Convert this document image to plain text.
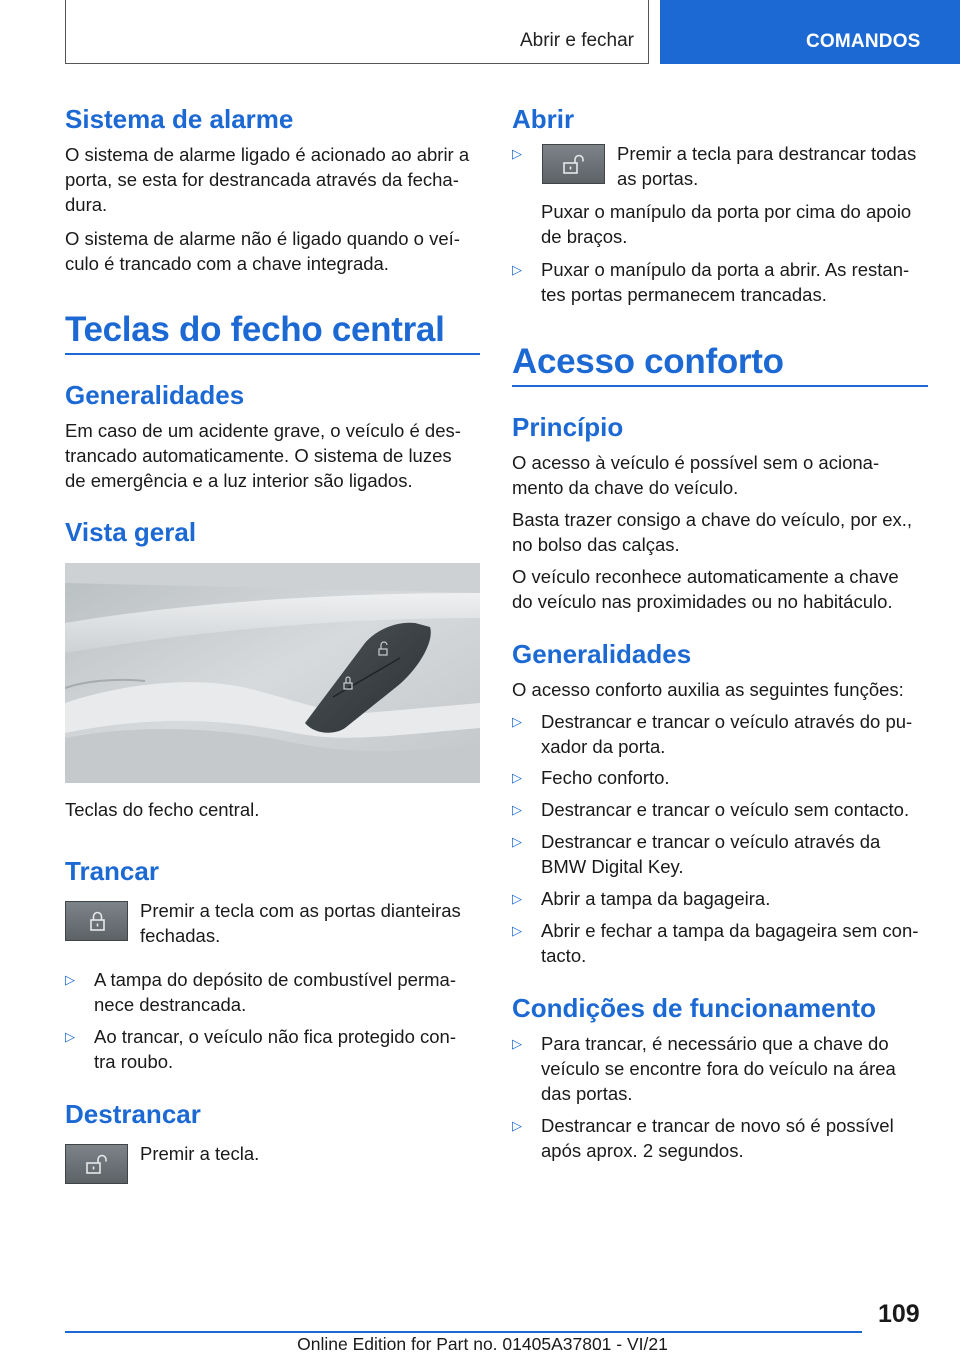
Abrir e fechar	COMANDOS
Sistema de alarme
O sistema de alarme ligado é acionado ao abrir a
porta, se esta for destrancada através da fecha‐
dura.
O sistema de alarme não é ligado quando o veí‐
culo é trancado com a chave integrada.
Teclas do fecho central
Generalidades
Em caso de um acidente grave, o veículo é des‐
trancado automaticamente. O sistema de luzes
de emergência e a luz interior são ligados.
Vista geral
Teclas do fecho central.
Trancar
Premir a tecla com as portas dianteiras
fechadas.
▷ A tampa do depósito de combustível perma‐
nece destrancada.
▷ Ao trancar, o veículo não fica protegido con‐
tra roubo.
Destrancar
Premir a tecla.
Abrir
▷	Premir a tecla para destrancar todas
as portas.
Puxar o manípulo da porta por cima do apoio
de braços.
▷ Puxar o manípulo da porta a abrir. As restan‐
tes portas permanecem trancadas.
Acesso conforto
Princípio
O acesso à veículo é possível sem o aciona‐
mento da chave do veículo.
Basta trazer consigo a chave do veículo, por ex.,
no bolso das calças.
O veículo reconhece automaticamente a chave
do veículo nas proximidades ou no habitáculo.
Generalidades
O acesso conforto auxilia as seguintes funções:
▷ Destrancar e trancar o veículo através do pu‐
xador da porta.
▷ Fecho conforto.
▷ Destrancar e trancar o veículo sem contacto.
▷ Destrancar e trancar o veículo através da
BMW Digital Key.
▷ Abrir a tampa da bagageira.
▷ Abrir e fechar a tampa da bagageira sem con‐
tacto.
Condições de funcionamento
▷ Para trancar, é necessário que a chave do
veículo se encontre fora do veículo na área
das portas.
▷ Destrancar e trancar de novo só é possível
após aprox. 2 segundos.
109
Online Edition for Part no. 01405A37801 - VI/21
